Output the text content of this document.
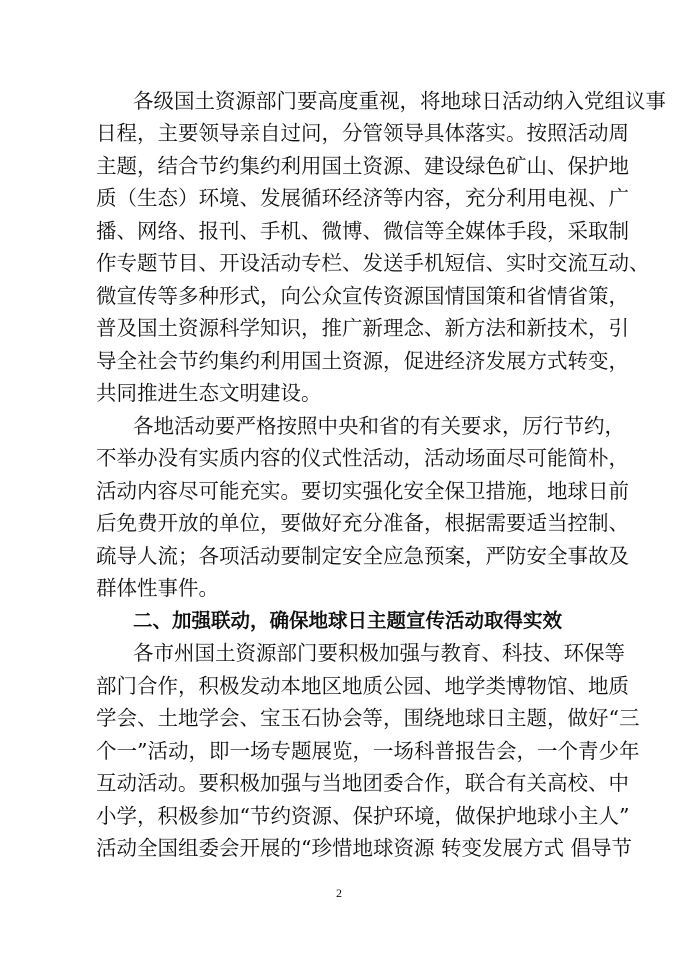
各级国土资源部门要高度重视，将地球日活动纳入党组议事
日程，主要领导亲自过问，分管领导具体落实。按照活动周
主题，结合节约集约利用国土资源、建设绿色矿山、保护地
质（生态）环境、发展循环经济等内容，充分利用电视、广
播、网络、报刊、手机、微博、微信等全媒体手段，采取制
作专题节目、开设活动专栏、发送手机短信、实时交流互动、
微宣传等多种形式，向公众宣传资源国情国策和省情省策，
普及国土资源科学知识，推广新理念、新方法和新技术，引
导全社会节约集约利用国土资源，促进经济发展方式转变，
共同推进生态文明建设。
各地活动要严格按照中央和省的有关要求，厉行节约，
不举办没有实质内容的仪式性活动，活动场面尽可能简朴，
活动内容尽可能充实。要切实强化安全保卫措施，地球日前
后免费开放的单位，要做好充分准备，根据需要适当控制、
疏导人流；各项活动要制定安全应急预案，严防安全事故及
群体性事件。
二、加强联动，确保地球日主题宣传活动取得实效
各市州国土资源部门要积极加强与教育、科技、环保等
部门合作，积极发动本地区地质公园、地学类博物馆、地质
学会、土地学会、宝玉石协会等，围绕地球日主题，做好“三
个一”活动，即一场专题展览，一场科普报告会，一个青少年
互动活动。要积极加强与当地团委合作，联合有关高校、中
小学，积极参加“节约资源、保护环境，做保护地球小主人”
活动全国组委会开展的“珍惜地球资源 转变发展方式 倡导节
2
